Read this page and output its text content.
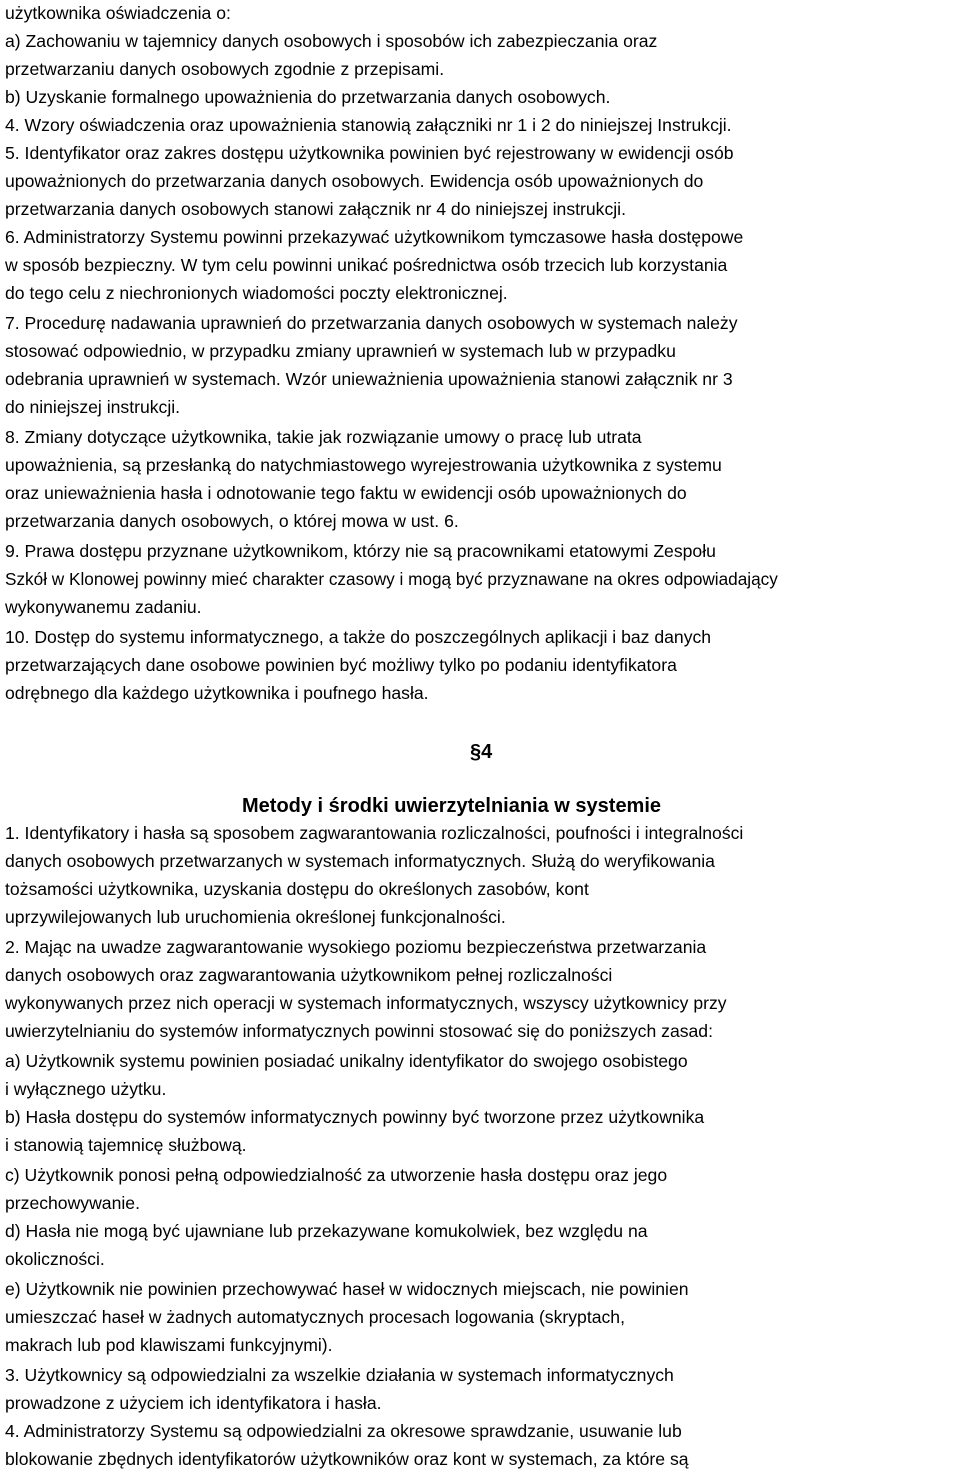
użytkownika oświadczenia o:
a) Zachowaniu w tajemnicy danych osobowych i sposobów ich zabezpieczania oraz
przetwarzaniu danych osobowych zgodnie z przepisami.
b) Uzyskanie formalnego upoważnienia do przetwarzania danych osobowych.
4. Wzory oświadczenia oraz upoważnienia stanowią załączniki nr 1 i 2 do niniejszej Instrukcji.
5. Identyfikator oraz zakres dostępu użytkownika powinien być rejestrowany w ewidencji osób
upoważnionych do przetwarzania danych osobowych. Ewidencja osób upoważnionych do
przetwarzania danych osobowych stanowi załącznik nr 4 do niniejszej instrukcji.
6. Administratorzy Systemu powinni przekazywać użytkownikom tymczasowe hasła dostępowe
w sposób bezpieczny. W tym celu powinni unikać pośrednictwa osób trzecich lub korzystania
do tego celu z niechronionych wiadomości poczty elektronicznej.
7. Procedurę nadawania uprawnień do przetwarzania danych osobowych w systemach należy
stosować odpowiednio, w przypadku zmiany uprawnień w systemach lub w przypadku
odebrania uprawnień w systemach. Wzór unieważnienia upoważnienia stanowi załącznik nr 3
do niniejszej instrukcji.
8. Zmiany dotyczące użytkownika, takie jak rozwiązanie umowy o pracę lub utrata
upoważnienia, są przesłanką do natychmiastowego wyrejestrowania użytkownika z systemu
oraz unieważnienia hasła i odnotowanie tego faktu w ewidencji osób upoważnionych do
przetwarzania danych osobowych, o której mowa w ust. 6.
9. Prawa dostępu przyznane użytkownikom, którzy nie są pracownikami etatowymi Zespołu
Szkół w Klonowej powinny mieć charakter czasowy i mogą być przyznawane na okres odpowiadający
wykonywanemu zadaniu.
10. Dostęp do systemu informatycznego, a także do poszczególnych aplikacji i baz danych
przetwarzających dane osobowe powinien być możliwy tylko po podaniu identyfikatora
odrębnego dla każdego użytkownika i poufnego hasła.
§4
Metody i środki uwierzytelniania w systemie
1. Identyfikatory i hasła są sposobem zagwarantowania rozliczalności, poufności i integralności
danych osobowych przetwarzanych w systemach informatycznych. Służą do weryfikowania
tożsamości użytkownika, uzyskania dostępu do określonych zasobów, kont
uprzywilejowanych lub uruchomienia określonej funkcjonalności.
2. Mając na uwadze zagwarantowanie wysokiego poziomu bezpieczeństwa przetwarzania
danych osobowych oraz zagwarantowania użytkownikom pełnej rozliczalności
wykonywanych przez nich operacji w systemach informatycznych, wszyscy użytkownicy przy
uwierzytelnianiu do systemów informatycznych powinni stosować się do poniższych zasad:
a) Użytkownik systemu powinien posiadać unikalny identyfikator do swojego osobistego
i wyłącznego użytku.
b) Hasła dostępu do systemów informatycznych powinny być tworzone przez użytkownika
i stanowią tajemnicę służbową.
c) Użytkownik ponosi pełną odpowiedzialność za utworzenie hasła dostępu oraz jego
przechowywanie.
d) Hasła nie mogą być ujawniane lub przekazywane komukolwiek, bez względu na
okoliczności.
e) Użytkownik nie powinien przechowywać haseł w widocznych miejscach, nie powinien
umieszczać haseł w żadnych automatycznych procesach logowania (skryptach,
makrach lub pod klawiszami funkcyjnymi).
3. Użytkownicy są odpowiedzialni za wszelkie działania w systemach informatycznych
prowadzone z użyciem ich identyfikatora i hasła.
4. Administratorzy Systemu są odpowiedzialni za okresowe sprawdzanie, usuwanie lub
blokowanie zbędnych identyfikatorów użytkowników oraz kont w systemach, za które są
